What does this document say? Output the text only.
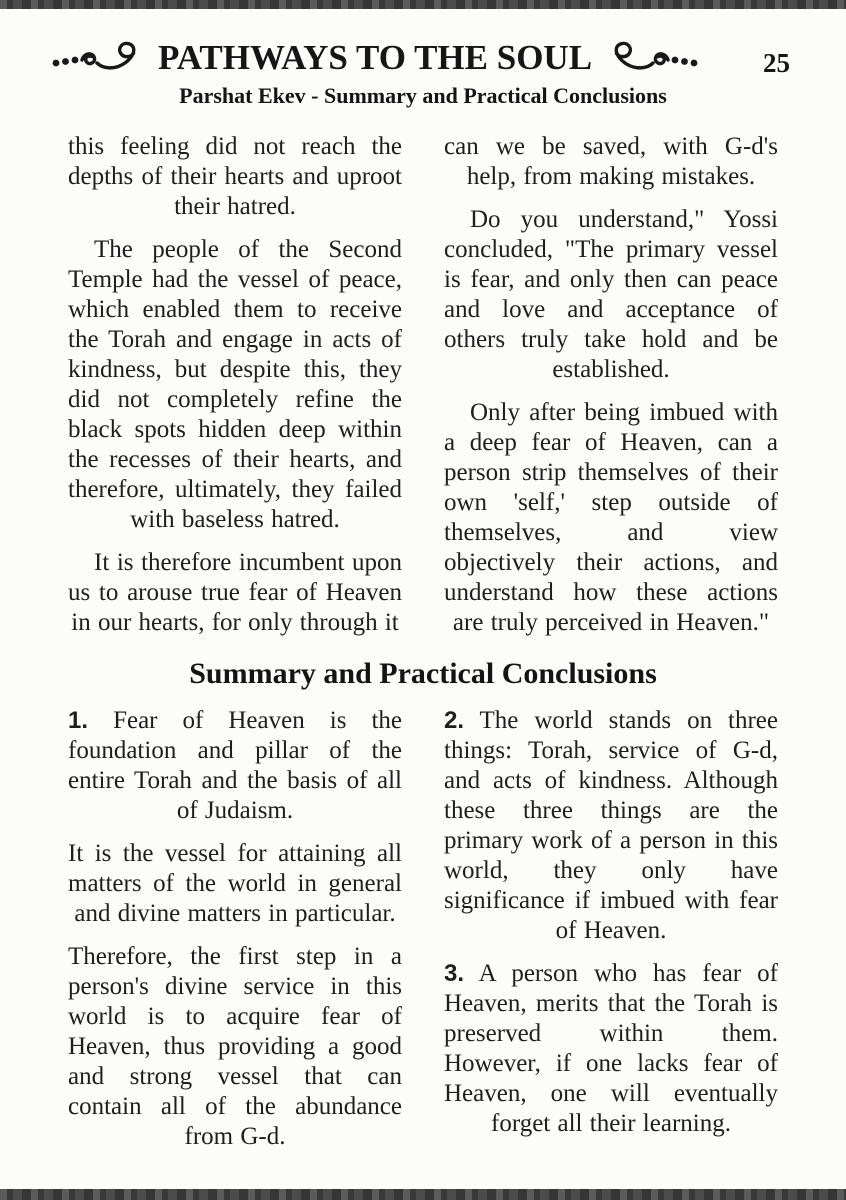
PATHWAYS TO THE SOUL	25
Parshat Ekev - Summary and Practical Conclusions

this feeling did not reach the depths of their hearts and uproot their hatred.

The people of the Second Temple had the vessel of peace, which enabled them to receive the Torah and engage in acts of kindness, but despite this, they did not completely refine the black spots hidden deep within the recesses of their hearts, and therefore, ultimately, they failed with baseless hatred.

It is therefore incumbent upon us to arouse true fear of Heaven in our hearts, for only through it

can we be saved, with G-d's help, from making mistakes.

Do you understand," Yossi concluded, "The primary vessel is fear, and only then can peace and love and acceptance of others truly take hold and be established.

Only after being imbued with a deep fear of Heaven, can a person strip themselves of their own 'self,' step outside of themselves, and view objectively their actions, and understand how these actions are truly perceived in Heaven."

Summary and Practical Conclusions

1. Fear of Heaven is the foundation and pillar of the entire Torah and the basis of all of Judaism.

It is the vessel for attaining all matters of the world in general and divine matters in particular.

Therefore, the first step in a person's divine service in this world is to acquire fear of Heaven, thus providing a good and strong vessel that can contain all of the abundance from G-d.

2. The world stands on three things: Torah, service of G-d, and acts of kindness. Although these three things are the primary work of a person in this world, they only have significance if imbued with fear of Heaven.

3. A person who has fear of Heaven, merits that the Torah is preserved within them. However, if one lacks fear of Heaven, one will eventually forget all their learning.
